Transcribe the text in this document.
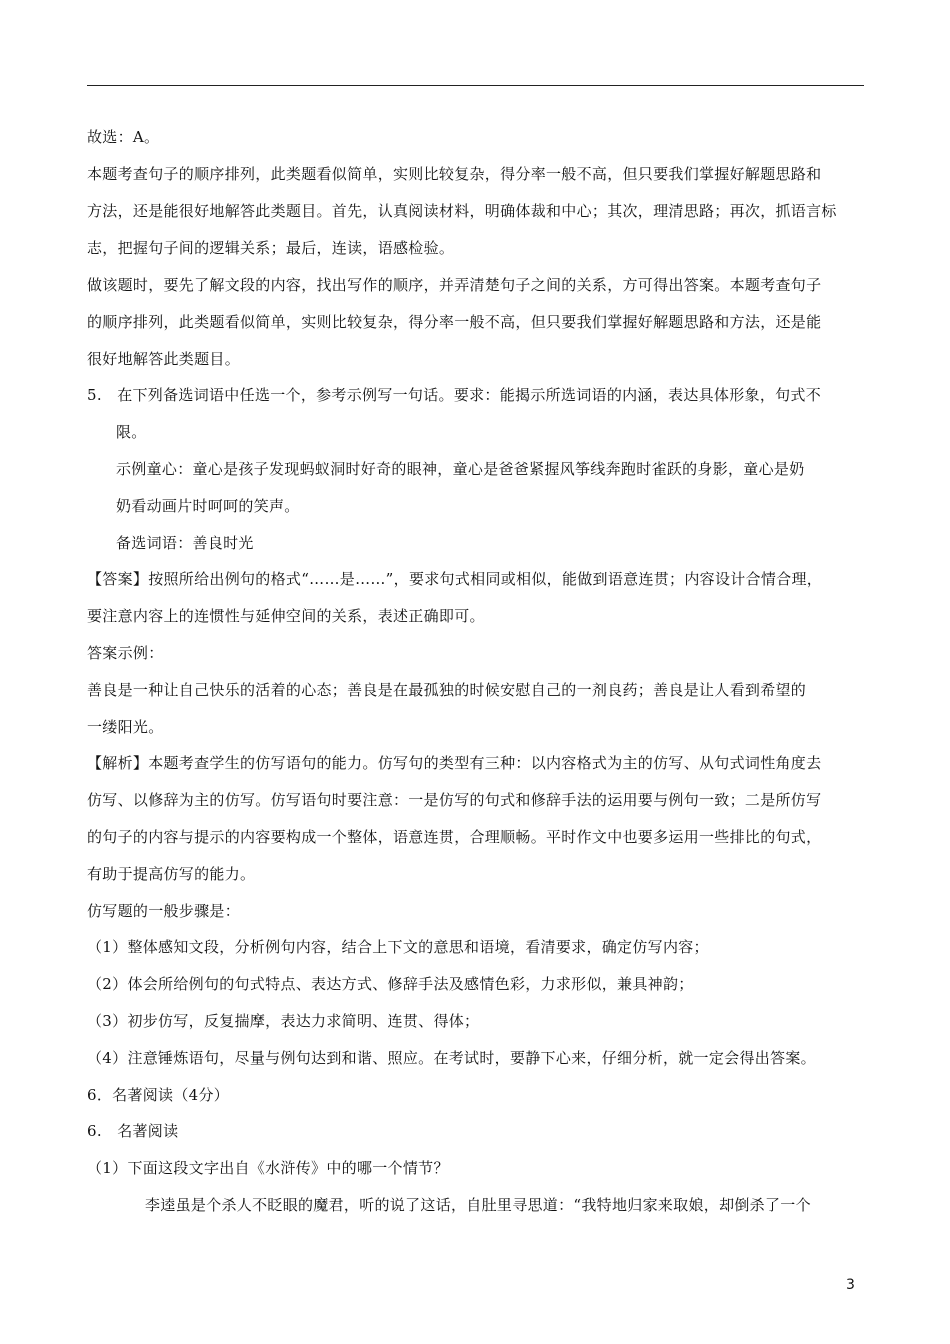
故选：A。
本题考查句子的顺序排列，此类题看似简单，实则比较复杂，得分率一般不高，但只要我们掌握好解题思路和
方法，还是能很好地解答此类题目。首先，认真阅读材料，明确体裁和中心；其次，理清思路；再次，抓语言标
志，把握句子间的逻辑关系；最后，连读，语感检验。
做该题时，要先了解文段的内容，找出写作的顺序，并弄清楚句子之间的关系，方可得出答案。本题考查句子
的顺序排列，此类题看似简单，实则比较复杂，得分率一般不高，但只要我们掌握好解题思路和方法，还是能
很好地解答此类题目。
5.　在下列备选词语中任选一个，参考示例写一句话。要求：能揭示所选词语的内涵，表达具体形象，句式不
限。
示例童心：童心是孩子发现蚂蚁洞时好奇的眼神，童心是爸爸紧握风筝线奔跑时雀跃的身影，童心是奶
奶看动画片时呵呵的笑声。
备选词语：善良时光
【答案】按照所给出例句的格式“……是……”，要求句式相同或相似，能做到语意连贯；内容设计合情合理，
要注意内容上的连惯性与延伸空间的关系，表述正确即可。
答案示例：
善良是一种让自己快乐的活着的心态；善良是在最孤独的时候安慰自己的一剂良药；善良是让人看到希望的
一缕阳光。
【解析】本题考查学生的仿写语句的能力。仿写句的类型有三种：以内容格式为主的仿写、从句式词性角度去
仿写、以修辞为主的仿写。仿写语句时要注意：一是仿写的句式和修辞手法的运用要与例句一致；二是所仿写
的句子的内容与提示的内容要构成一个整体，语意连贯，合理顺畅。平时作文中也要多运用一些排比的句式，
有助于提高仿写的能力。
仿写题的一般步骤是：
（1）整体感知文段，分析例句内容，结合上下文的意思和语境，看清要求，确定仿写内容；
（2）体会所给例句的句式特点、表达方式、修辞手法及感情色彩，力求形似，兼具神韵；
（3）初步仿写，反复揣摩，表达力求简明、连贯、得体；
（4）注意锤炼语句，尽量与例句达到和谐、照应。在考试时，要静下心来，仔细分析，就一定会得出答案。
6．名著阅读（4分）
6.　名著阅读
（1）下面这段文字出自《水浒传》中的哪一个情节？
李逵虽是个杀人不眨眼的魔君，听的说了这话，自肚里寻思道：“我特地归家来取娘，却倒杀了一个
3
